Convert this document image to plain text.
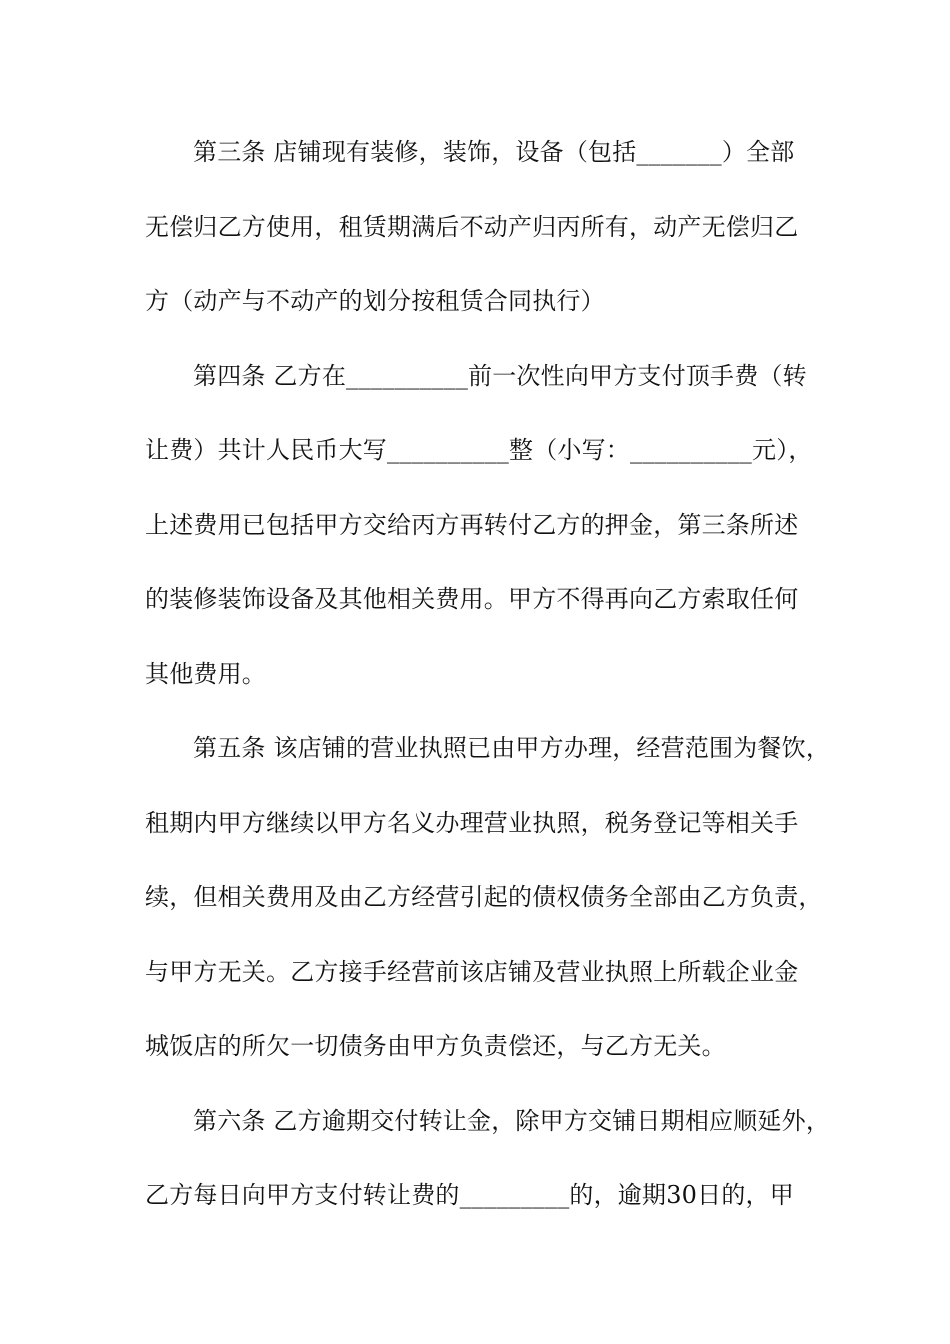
第三条 店铺现有装修，装饰，设备（包括_______）全部
无偿归乙方使用，租赁期满后不动产归丙所有，动产无偿归乙
方（动产与不动产的划分按租赁合同执行）
第四条 乙方在__________前一次性向甲方支付顶手费（转
让费）共计人民币大写__________整（小写：__________元），
上述费用已包括甲方交给丙方再转付乙方的押金，第三条所述
的装修装饰设备及其他相关费用。甲方不得再向乙方索取任何
其他费用。
第五条 该店铺的营业执照已由甲方办理，经营范围为餐饮，
租期内甲方继续以甲方名义办理营业执照，税务登记等相关手
续，但相关费用及由乙方经营引起的债权债务全部由乙方负责，
与甲方无关。乙方接手经营前该店铺及营业执照上所载企业金
城饭店的所欠一切债务由甲方负责偿还，与乙方无关。
第六条 乙方逾期交付转让金，除甲方交铺日期相应顺延外，
乙方每日向甲方支付转让费的_________的，逾期30日的，甲
